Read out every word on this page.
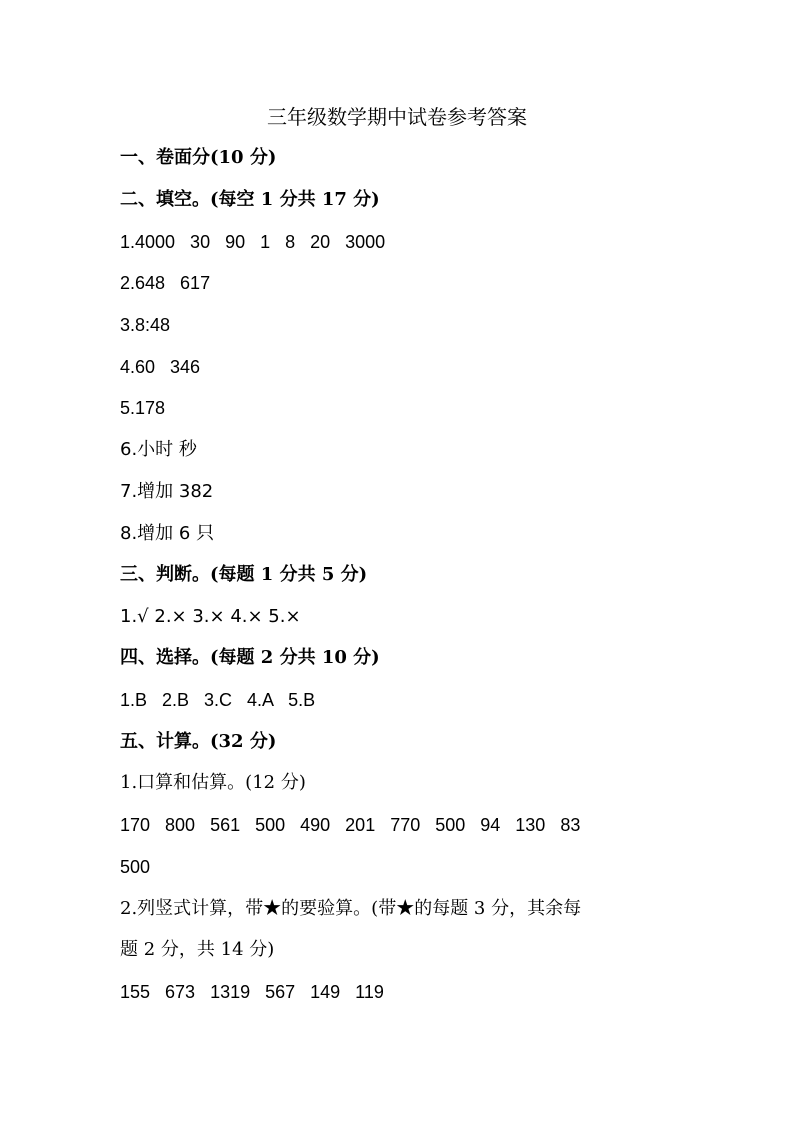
三年级数学期中试卷参考答案
一、卷面分(10 分)
二、填空。(每空 1 分共 17 分)
1.4000 30 90 1 8 20 3000
2.648 617
3.8:48
4.60 346
5.178
6.小时 秒
7.增加 382
8.增加 6 只
三、判断。(每题 1 分共 5 分)
1.√ 2.× 3.× 4.× 5.×
四、选择。(每题 2 分共 10 分)
1.B 2.B 3.C 4.A 5.B
五、计算。(32 分)
1.口算和估算。(12 分)
170 800 561 500 490 201 770 500 94 130 83
500
2.列竖式计算，带★的要验算。(带★的每题 3 分，其余每
题 2 分，共 14 分)
155 673 1319 567 149 119
